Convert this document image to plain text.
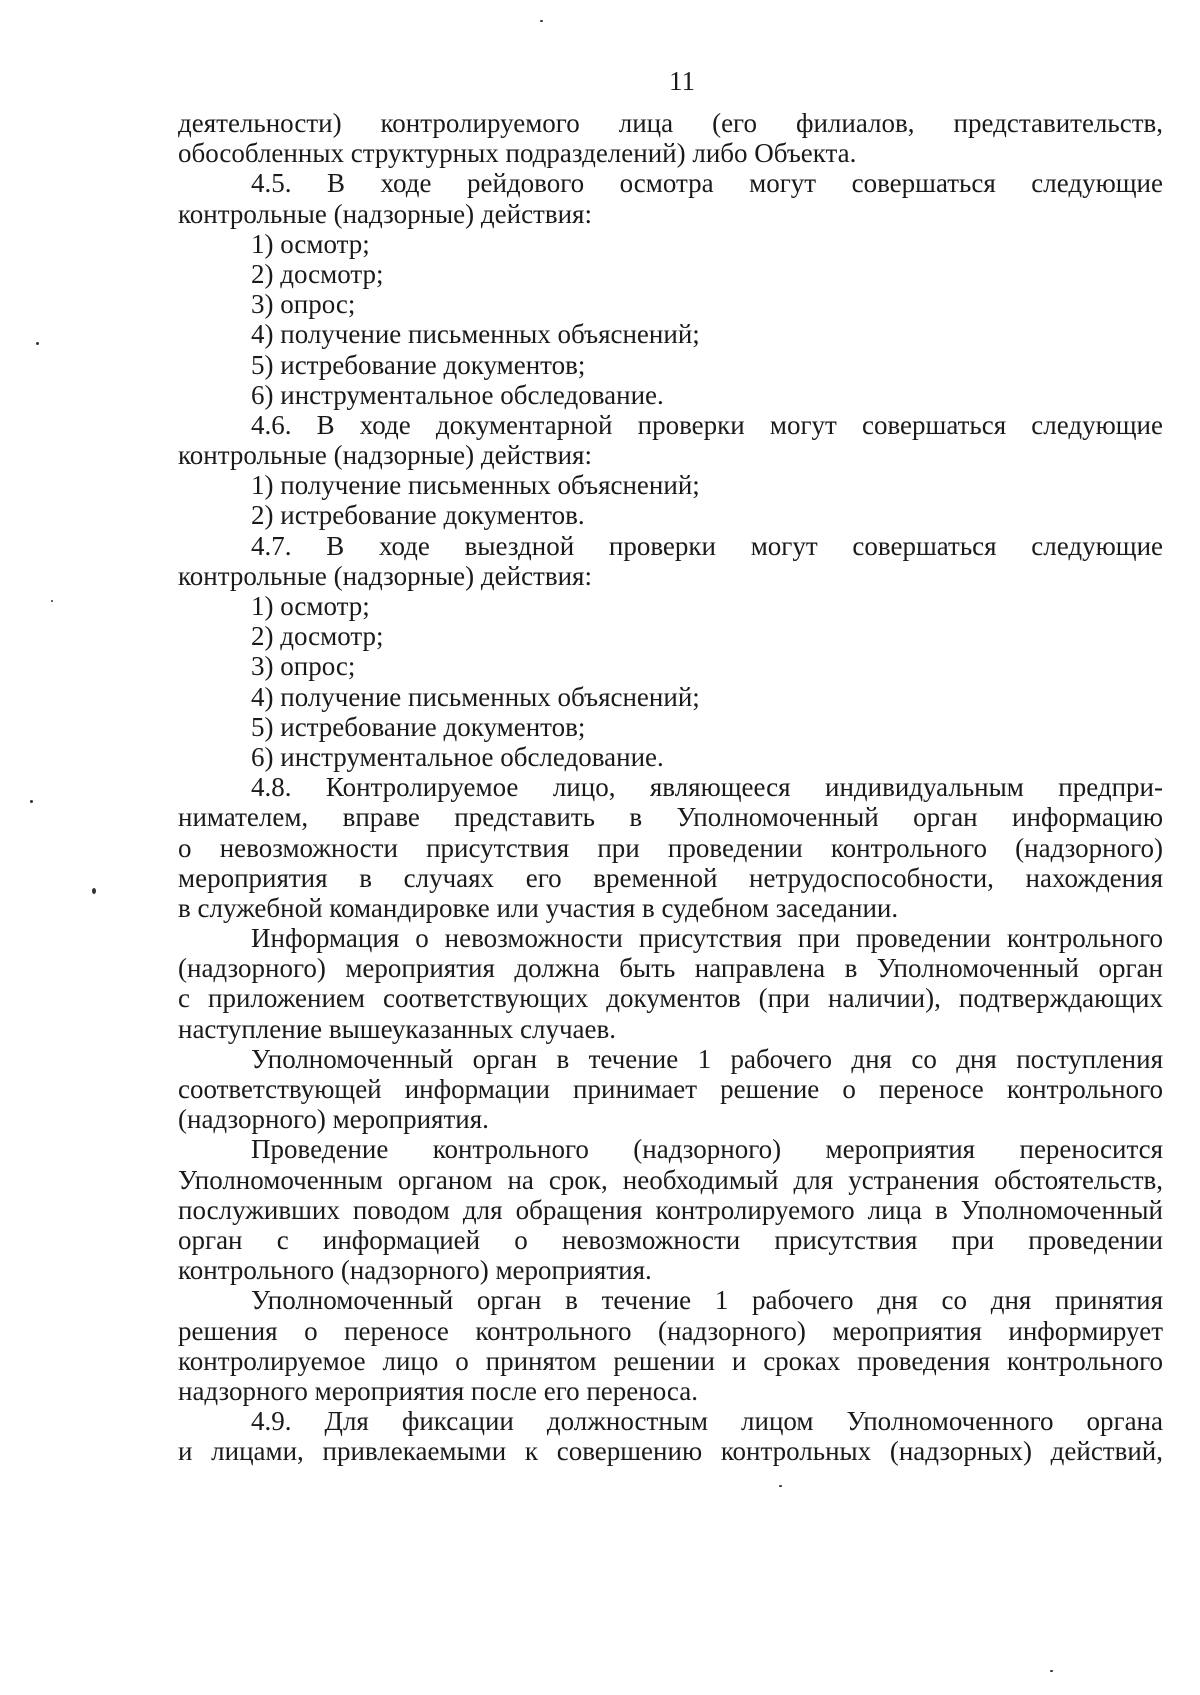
11
деятельности) контролируемого лица (его филиалов, представительств,
обособленных структурных подразделений) либо Объекта.
4.5. В ходе рейдового осмотра могут совершаться следующие
контрольные (надзорные) действия:
1) осмотр;
2) досмотр;
3) опрос;
4) получение письменных объяснений;
5) истребование документов;
6) инструментальное обследование.
4.6. В ходе документарной проверки могут совершаться следующие
контрольные (надзорные) действия:
1) получение письменных объяснений;
2) истребование документов.
4.7. В ходе выездной проверки могут совершаться следующие
контрольные (надзорные) действия:
1) осмотр;
2) досмотр;
3) опрос;
4) получение письменных объяснений;
5) истребование документов;
6) инструментальное обследование.
4.8. Контролируемое лицо, являющееся индивидуальным предпри-
нимателем, вправе представить в Уполномоченный орган информацию
о невозможности присутствия при проведении контрольного (надзорного)
мероприятия в случаях его временной нетрудоспособности, нахождения
в служебной командировке или участия в судебном заседании.
Информация о невозможности присутствия при проведении контрольного
(надзорного) мероприятия должна быть направлена в Уполномоченный орган
с приложением соответствующих документов (при наличии), подтверждающих
наступление вышеуказанных случаев.
Уполномоченный орган в течение 1 рабочего дня со дня поступления
соответствующей информации принимает решение о переносе контрольного
(надзорного) мероприятия.
Проведение контрольного (надзорного) мероприятия переносится
Уполномоченным органом на срок, необходимый для устранения обстоятельств,
послуживших поводом для обращения контролируемого лица в Уполномоченный
орган с информацией о невозможности присутствия при проведении
контрольного (надзорного) мероприятия.
Уполномоченный орган в течение 1 рабочего дня со дня принятия
решения о переносе контрольного (надзорного) мероприятия информирует
контролируемое лицо о принятом решении и сроках проведения контрольного
надзорного мероприятия после его переноса.
4.9. Для фиксации должностным лицом Уполномоченного органа
и лицами, привлекаемыми к совершению контрольных (надзорных) действий,
